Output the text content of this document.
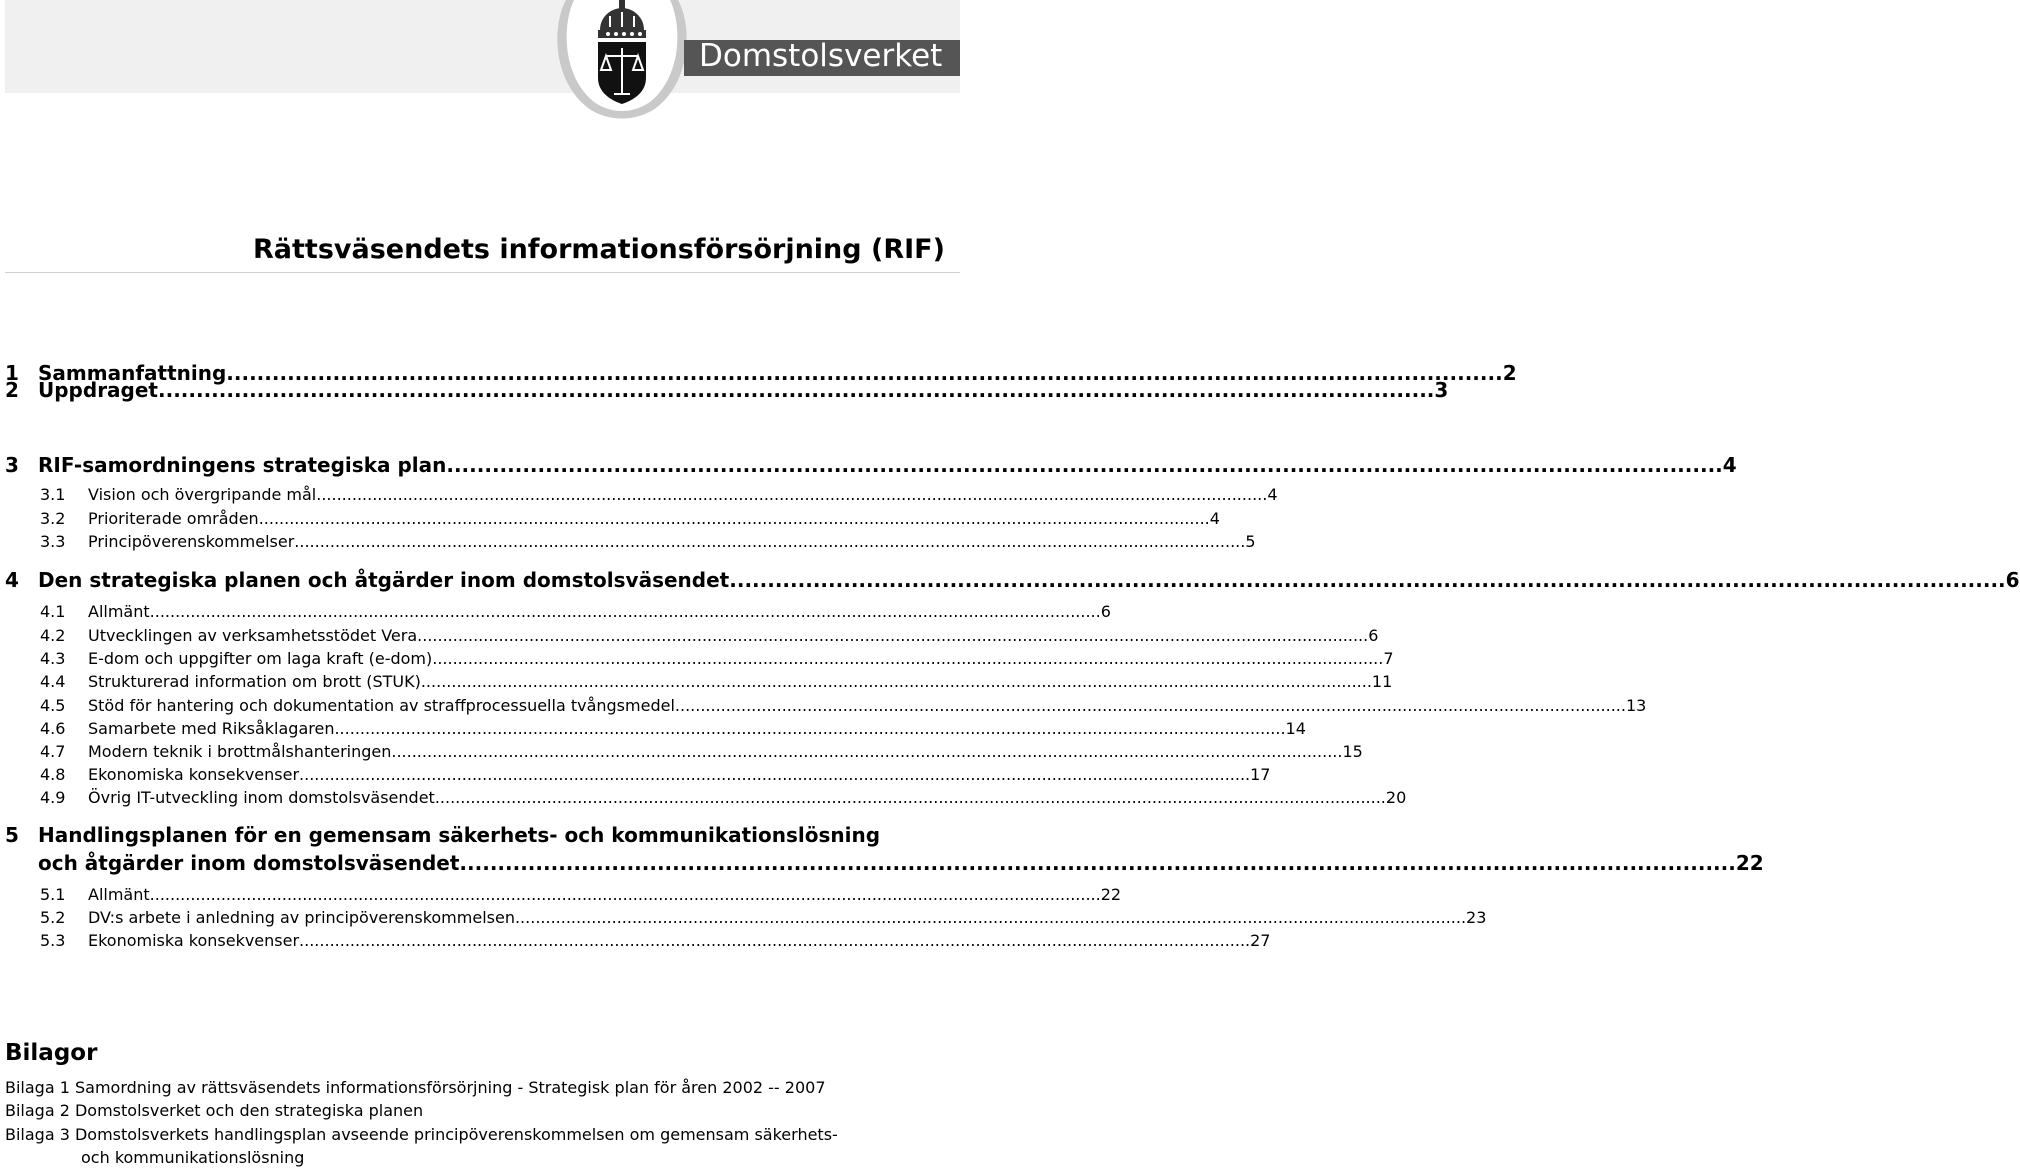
Domstolsverket
Rättsväsendets informationsförsörjning (RIF)
1 Sammanfattning ........................................................................................................................................................................ 2
2 Uppdraget ........................................................................................................................................................................ 3
3 RIF-samordningens strategiska plan ........................................................................................................................................................................ 4
3.1	Vision och övergripande mål ........................................................................................................................................................................................... 4
3.2	Prioriterade områden ........................................................................................................................................................................................... 4
3.3	Principöverenskommelser ........................................................................................................................................................................................... 5
4 Den strategiska planen och åtgärder inom domstolsväsendet ........................................................................................................................................................................ 6
4.1	Allmänt ........................................................................................................................................................................................... 6
4.2	Utvecklingen av verksamhetsstödet Vera ........................................................................................................................................................................................... 6
4.3	E-dom och uppgifter om laga kraft (e-dom) ........................................................................................................................................................................................... 7
4.4	Strukturerad information om brott (STUK) ........................................................................................................................................................................................... 11
4.5	Stöd för hantering och dokumentation av straffprocessuella tvångsmedel ........................................................................................................................................................................................... 13
4.6	Samarbete med Riksåklagaren ........................................................................................................................................................................................... 14
4.7	Modern teknik i brottmålshanteringen ........................................................................................................................................................................................... 15
4.8	Ekonomiska konsekvenser ........................................................................................................................................................................................... 17
4.9	Övrig IT-utveckling inom domstolsväsendet ........................................................................................................................................................................................... 20
5 Handlingsplanen för en gemensam säkerhets- och kommunikationslösning
och åtgärder inom domstolsväsendet ........................................................................................................................................................................ 22
5.1	Allmänt ........................................................................................................................................................................................... 22
5.2	DV:s arbete i anledning av principöverenskommelsen ........................................................................................................................................................................................... 23
5.3	Ekonomiska konsekvenser ........................................................................................................................................................................................... 27
Bilagor
Bilaga 1 Samordning av rättsväsendets informationsförsörjning - Strategisk plan för åren 2002 -- 2007
Bilaga 2 Domstolsverket och den strategiska planen
Bilaga 3 Domstolsverkets handlingsplan avseende principöverenskommelsen om gemensam säkerhets-
och kommunikationslösning
